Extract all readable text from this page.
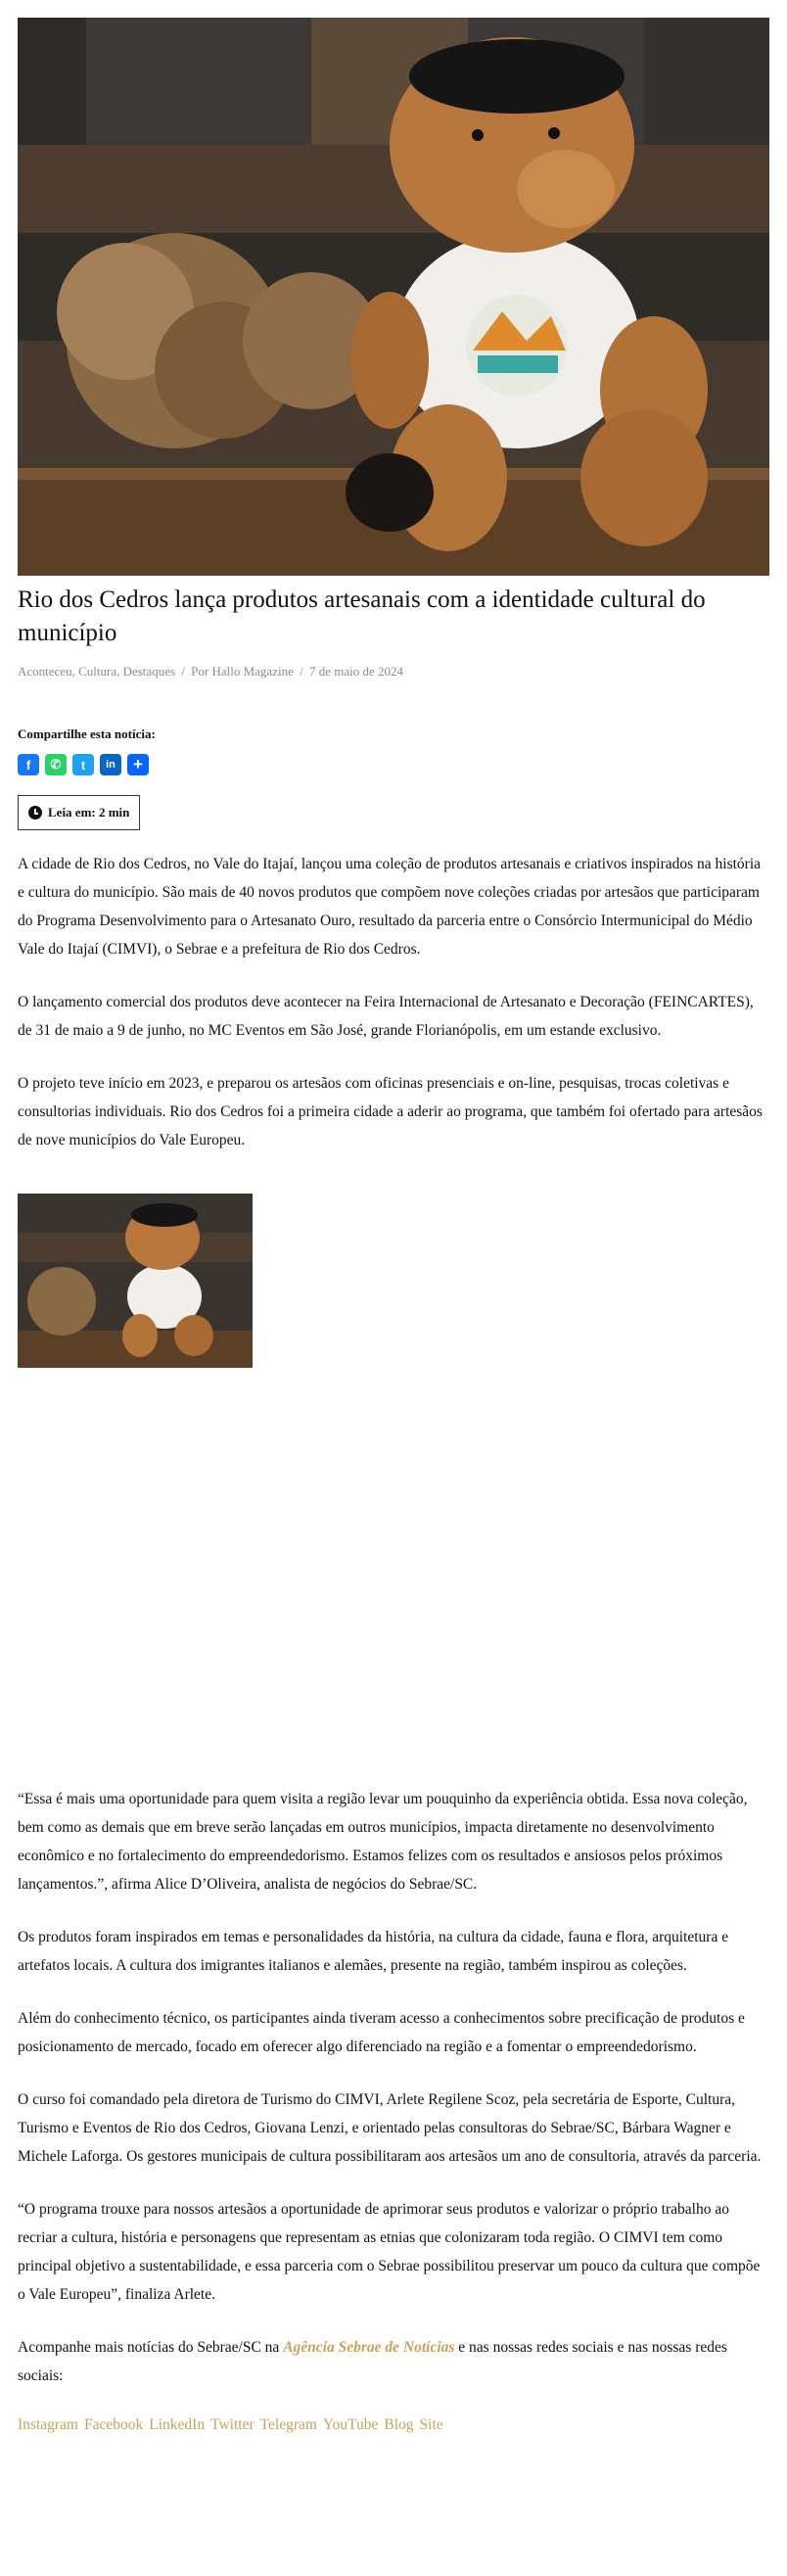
Rio dos Cedros lança produtos artesanais com a identidade cultural do município
Aconteceu, Cultura, Destaques / Por Hallo Magazine / 7 de maio de 2024
Compartilhe esta notícia:
f	✆	t	in	+
Leia em: 2 min

A cidade de Rio dos Cedros, no Vale do Itajaí, lançou uma coleção de produtos artesanais e criativos inspirados na história e cultura do município. São mais de 40 novos produtos que compõem nove coleções criadas por artesãos que participaram do Programa Desenvolvimento para o Artesanato Ouro, resultado da parceria entre o Consórcio Intermunicipal do Médio Vale do Itajaí (CIMVI), o Sebrae e a prefeitura de Rio dos Cedros.

O lançamento comercial dos produtos deve acontecer na Feira Internacional de Artesanato e Decoração (FEINCARTES), de 31 de maio a 9 de junho, no MC Eventos em São José, grande Florianópolis, em um estande exclusivo.

O projeto teve início em 2023, e preparou os artesãos com oficinas presenciais e on-line, pesquisas, trocas coletivas e consultorias individuais. Rio dos Cedros foi a primeira cidade a aderir ao programa, que também foi ofertado para artesãos de nove municípios do Vale Europeu.

“Essa é mais uma oportunidade para quem visita a região levar um pouquinho da experiência obtida. Essa nova coleção, bem como as demais que em breve serão lançadas em outros municípios, impacta diretamente no desenvolvimento econômico e no fortalecimento do empreendedorismo. Estamos felizes com os resultados e ansiosos pelos próximos lançamentos.”, afirma Alice D’Oliveira, analista de negócios do Sebrae/SC.

Os produtos foram inspirados em temas e personalidades da história, na cultura da cidade, fauna e flora, arquitetura e artefatos locais. A cultura dos imigrantes italianos e alemães, presente na região, também inspirou as coleções.

Além do conhecimento técnico, os participantes ainda tiveram acesso a conhecimentos sobre precificação de produtos e posicionamento de mercado, focado em oferecer algo diferenciado na região e a fomentar o empreendedorismo.

O curso foi comandado pela diretora de Turismo do CIMVI, Arlete Regilene Scoz, pela secretária de Esporte, Cultura, Turismo e Eventos de Rio dos Cedros, Giovana Lenzi, e orientado pelas consultoras do Sebrae/SC, Bárbara Wagner e Michele Laforga. Os gestores municipais de cultura possibilitaram aos artesãos um ano de consultoria, através da parceria.

“O programa trouxe para nossos artesãos a oportunidade de aprimorar seus produtos e valorizar o próprio trabalho ao recriar a cultura, história e personagens que representam as etnias que colonizaram toda região. O CIMVI tem como principal objetivo a sustentabilidade, e essa parceria com o Sebrae possibilitou preservar um pouco da cultura que compõe o Vale Europeu”, finaliza Arlete.

Acompanhe mais notícias do Sebrae/SC na Agência Sebrae de Notícias e nas nossas redes sociais e nas nossas redes sociais:

Instagram Facebook LinkedIn Twitter Telegram YouTube Blog Site
